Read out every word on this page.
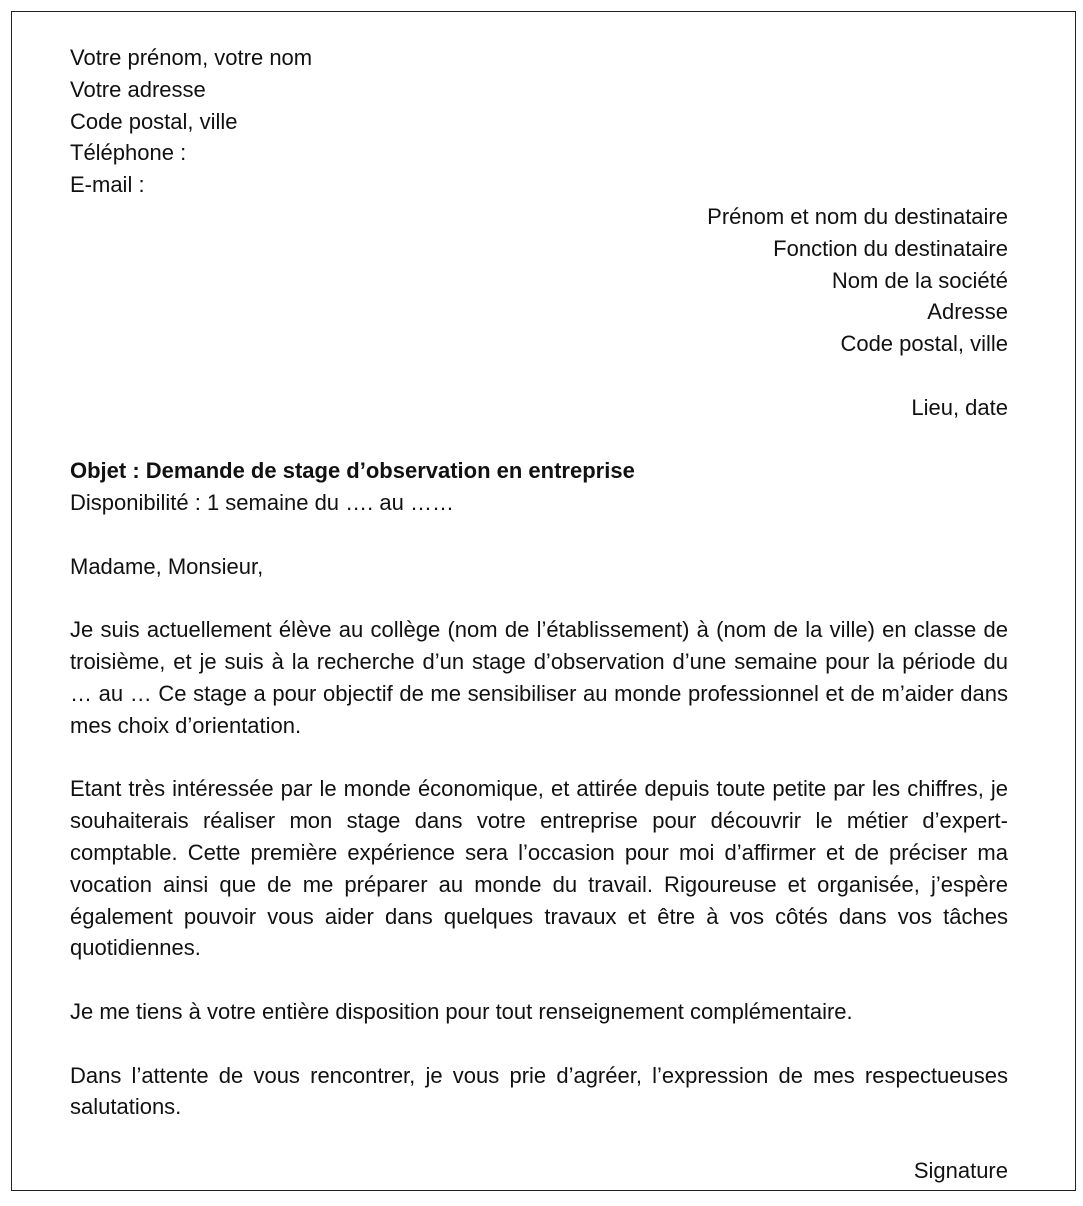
Votre prénom, votre nom
Votre adresse
Code postal, ville
Téléphone :
E-mail :
Prénom et nom du destinataire
Fonction du destinataire
Nom de la société
Adresse
Code postal, ville
Lieu, date
Objet : Demande de stage d’observation en entreprise
Disponibilité : 1 semaine du …. au ……
Madame, Monsieur,

Je suis actuellement élève au collège (nom de l’établissement) à (nom de la ville) en classe de troisième, et je suis à la recherche d’un stage d’observation d’une semaine pour la période du … au … Ce stage a pour objectif de me sensibiliser au monde professionnel et de m’aider dans mes choix d’orientation.

Etant très intéressée par le monde économique, et attirée depuis toute petite par les chiffres, je souhaiterais réaliser mon stage dans votre entreprise pour découvrir le métier d’expert-comptable. Cette première expérience sera l’occasion pour moi d’affirmer et de préciser ma vocation ainsi que de me préparer au monde du travail. Rigoureuse et organisée, j’espère également pouvoir vous aider dans quelques travaux et être à vos côtés dans vos tâches quotidiennes.

Je me tiens à votre entière disposition pour tout renseignement complémentaire.

Dans l’attente de vous rencontrer, je vous prie d’agréer, l’expression de mes respectueuses salutations.

Signature
